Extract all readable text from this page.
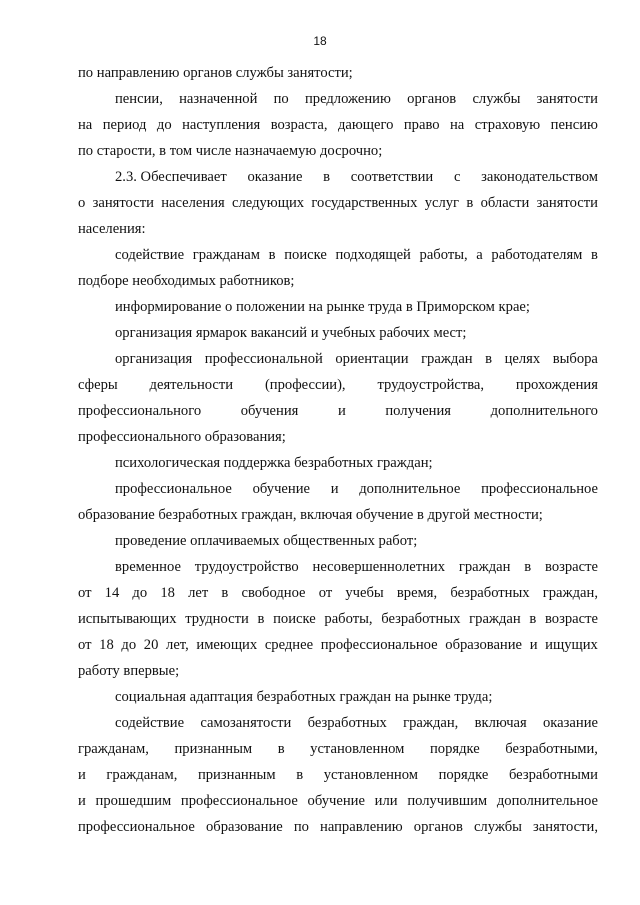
18
по направлению органов службы занятости;
пенсии, назначенной по предложению органов службы занятости
на период до наступления возраста, дающего право на страховую пенсию
по старости, в том числе назначаемую досрочно;
2.3. Обеспечивает оказание в соответствии с законодательством
о занятости населения следующих государственных услуг в области занятости
населения:
содействие гражданам в поиске подходящей работы, а работодателям в
подборе необходимых работников;
информирование о положении на рынке труда в Приморском крае;
организация ярмарок вакансий и учебных рабочих мест;
организация профессиональной ориентации граждан в целях выбора
сферы деятельности (профессии), трудоустройства, прохождения
профессионального	обучения	и	получения	дополнительного
профессионального образования;
психологическая поддержка безработных граждан;
профессиональное обучение и дополнительное профессиональное
образование безработных граждан, включая обучение в другой местности;
проведение оплачиваемых общественных работ;
временное трудоустройство несовершеннолетних граждан в возрасте
от 14 до 18 лет в свободное от учебы время, безработных граждан,
испытывающих трудности в поиске работы, безработных граждан в возрасте
от 18 до 20 лет, имеющих среднее профессиональное образование и ищущих
работу впервые;
социальная адаптация безработных граждан на рынке труда;
содействие самозанятости безработных граждан, включая оказание
гражданам, признанным в установленном порядке безработными,
и гражданам, признанным в установленном порядке безработными
и прошедшим профессиональное обучение или получившим дополнительное
профессиональное образование по направлению органов службы занятости,
